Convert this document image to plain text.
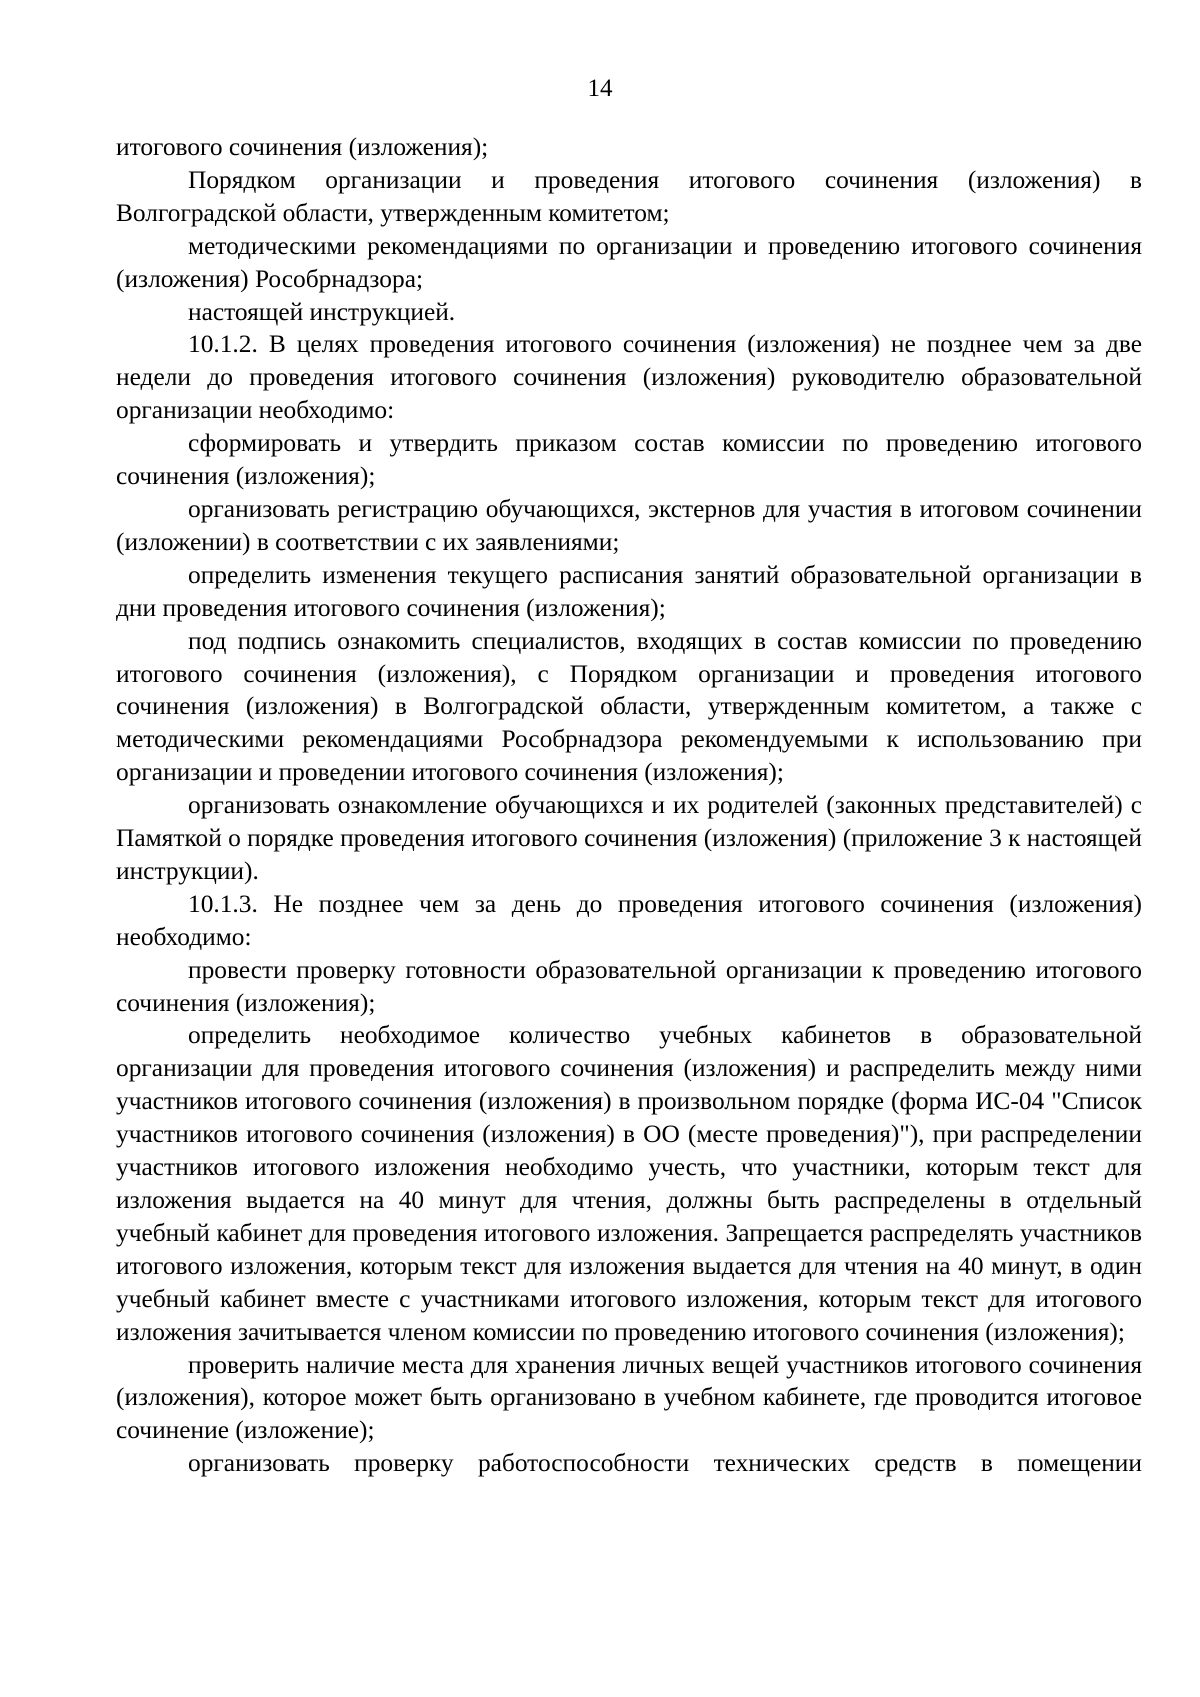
14

итогового сочинения (изложения);

Порядком организации и проведения итогового сочинения (изложения) в Волгоградской области, утвержденным комитетом;

методическими рекомендациями по организации и проведению итогового сочинения (изложения) Рособрнадзора;

настоящей инструкцией.

10.1.2. В целях проведения итогового сочинения (изложения) не позднее чем за две недели до проведения итогового сочинения (изложения) руководителю образовательной организации необходимо:

сформировать и утвердить приказом состав комиссии по проведению итогового сочинения (изложения);

организовать регистрацию обучающихся, экстернов для участия в итоговом сочинении (изложении) в соответствии с их заявлениями;

определить изменения текущего расписания занятий образовательной организации в дни проведения итогового сочинения (изложения);

под подпись ознакомить специалистов, входящих в состав комиссии по проведению итогового сочинения (изложения), с Порядком организации и проведения итогового сочинения (изложения) в Волгоградской области, утвержденным комитетом, а также с методическими рекомендациями Рособрнадзора рекомендуемыми к использованию при организации и проведении итогового сочинения (изложения);

организовать ознакомление обучающихся и их родителей (законных представителей) с Памяткой о порядке проведения итогового сочинения (изложения) (приложение 3 к настоящей инструкции).

10.1.3. Не позднее чем за день до проведения итогового сочинения (изложения) необходимо:

провести проверку готовности образовательной организации к проведению итогового сочинения (изложения);

определить необходимое количество учебных кабинетов в образовательной организации для проведения итогового сочинения (изложения) и распределить между ними участников итогового сочинения (изложения) в произвольном порядке (форма ИС-04 "Список участников итогового сочинения (изложения) в ОО (месте проведения)"), при распределении участников итогового изложения необходимо учесть, что участники, которым текст для изложения выдается на 40 минут для чтения, должны быть распределены в отдельный учебный кабинет для проведения итогового изложения. Запрещается распределять участников итогового изложения, которым текст для изложения выдается для чтения на 40 минут, в один учебный кабинет вместе с участниками итогового изложения, которым текст для итогового изложения зачитывается членом комиссии по проведению итогового сочинения (изложения);

проверить наличие места для хранения личных вещей участников итогового сочинения (изложения), которое может быть организовано в учебном кабинете, где проводится итоговое сочинение (изложение);

организовать проверку работоспособности технических средств в помещении
